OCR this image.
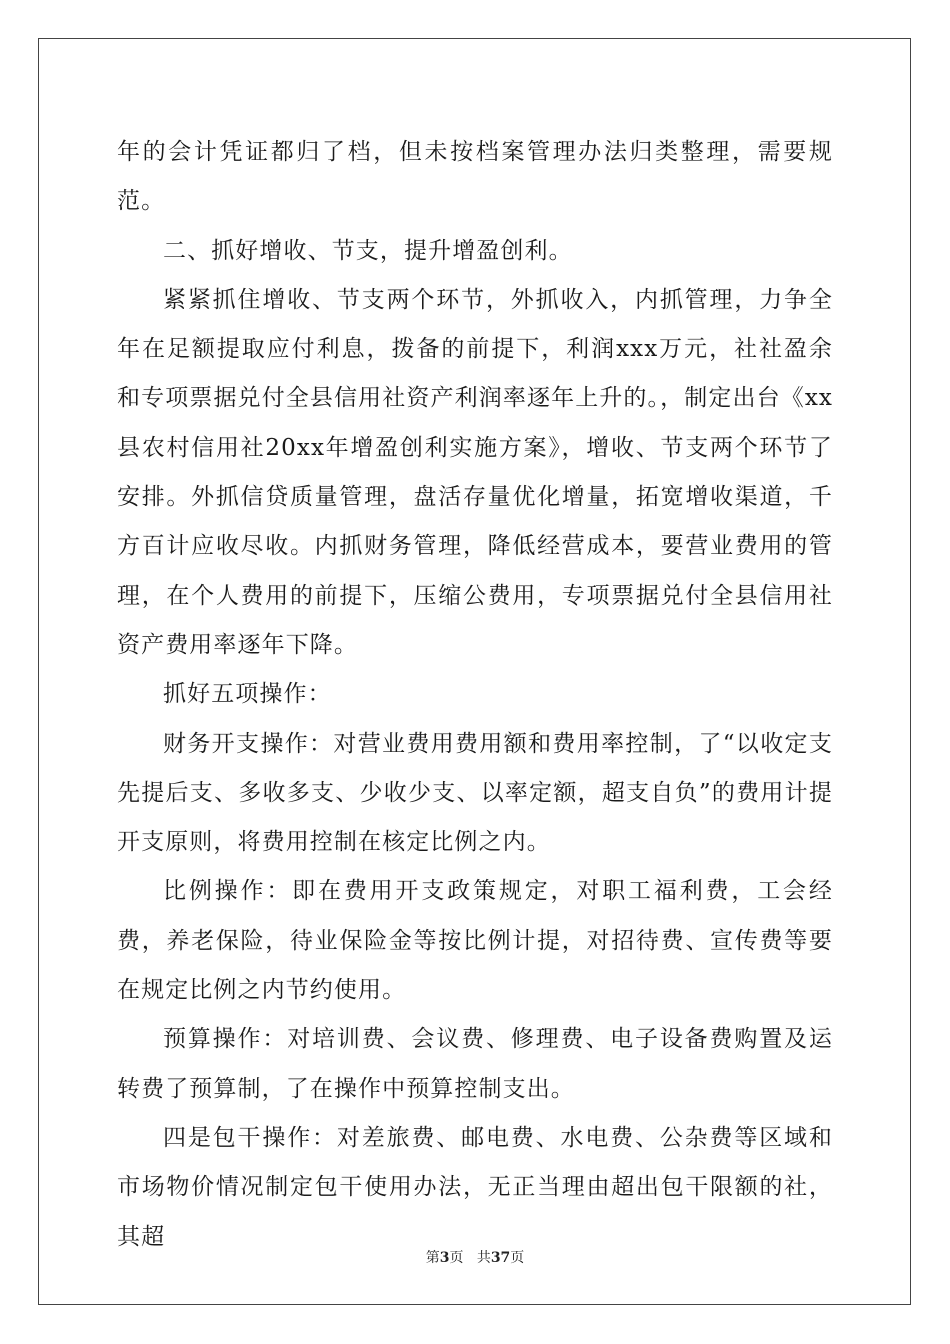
年的会计凭证都归了档，但未按档案管理办法归类整理，需要规范。

二、抓好增收、节支，提升增盈创利。

紧紧抓住增收、节支两个环节，外抓收入，内抓管理，力争全年在足额提取应付利息，拨备的前提下，利润xxx万元，社社盈余和专项票据兑付全县信用社资产利润率逐年上升的。，制定出台《xx县农村信用社20xx年增盈创利实施方案》，增收、节支两个环节了安排。外抓信贷质量管理，盘活存量优化增量，拓宽增收渠道，千方百计应收尽收。内抓财务管理，降低经营成本，要营业费用的管理，在个人费用的前提下，压缩公费用，专项票据兑付全县信用社资产费用率逐年下降。

抓好五项操作：

财务开支操作：对营业费用费用额和费用率控制，了“以收定支先提后支、多收多支、少收少支、以率定额，超支自负”的费用计提开支原则，将费用控制在核定比例之内。

比例操作：即在费用开支政策规定，对职工福利费，工会经费，养老保险，待业保险金等按比例计提，对招待费、宣传费等要在规定比例之内节约使用。

预算操作：对培训费、会议费、修理费、电子设备费购置及运转费了预算制，了在操作中预算控制支出。

四是包干操作：对差旅费、邮电费、水电费、公杂费等区域和市场物价情况制定包干使用办法，无正当理由超出包干限额的社，其超

第3页 共37页
